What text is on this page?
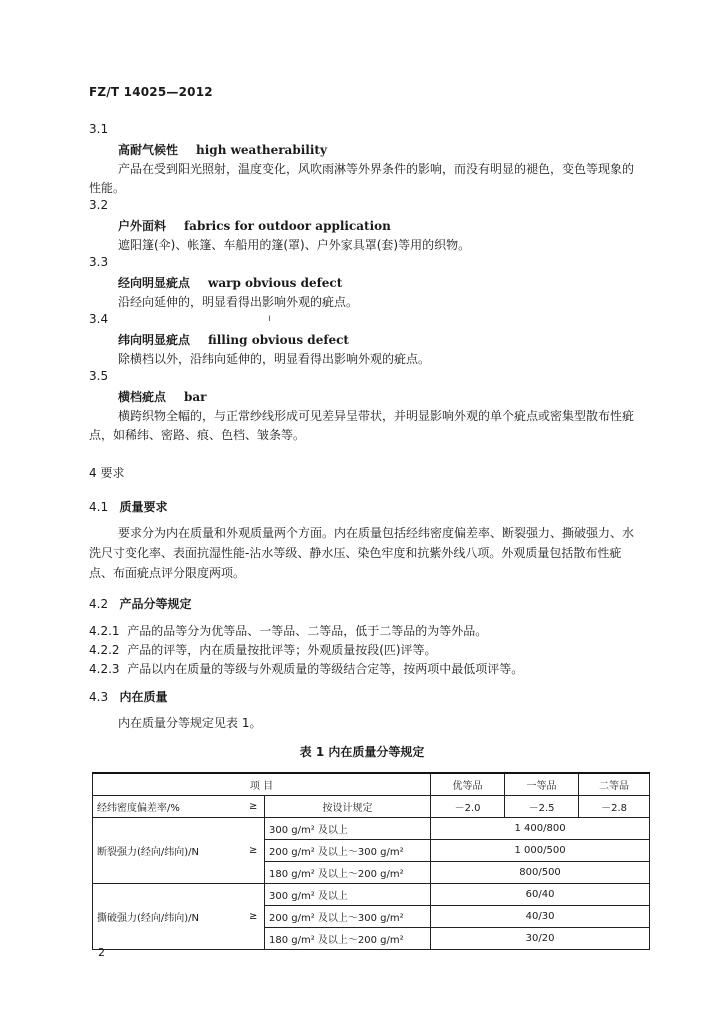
FZ/T 14025—2012
3.1
高耐气候性 high weatherability
产品在受到阳光照射，温度变化，风吹雨淋等外界条件的影响，而没有明显的褪色，变色等现象的
性能。
3.2
户外面料 fabrics for outdoor application
遮阳篷(伞)、帐篷、车船用的篷(罩)、户外家具罩(套)等用的织物。
3.3
经向明显疵点 warp obvious defect
沿经向延伸的，明显看得出影响外观的疵点。
3.4	ı
纬向明显疵点 filling obvious defect
除横档以外，沿纬向延伸的，明显看得出影响外观的疵点。
3.5
横档疵点 bar
横跨织物全幅的，与正常纱线形成可见差异呈带状，并明显影响外观的单个疵点或密集型散布性疵
点，如稀纬、密路、痕、色档、皱条等。
4 要求
4.1 质量要求
要求分为内在质量和外观质量两个方面。内在质量包括经纬密度偏差率、断裂强力、撕破强力、水
洗尺寸变化率、表面抗湿性能-沾水等级、静水压、染色牢度和抗紫外线八项。外观质量包括散布性疵
点、布面疵点评分限度两项。
4.2 产品分等规定
4.2.1 产品的品等分为优等品、一等品、二等品，低于二等品的为等外品。
4.2.2 产品的评等，内在质量按批评等；外观质量按段(匹)评等。
4.2.3 产品以内在质量的等级与外观质量的等级结合定等，按两项中最低项评等。
4.3 内在质量
内在质量分等规定见表 1。
表 1 内在质量分等规定
项 目			优等品	一等品	二等品
经纬密度偏差率/%	≥	按设计规定	－2.0	－2.5	－2.8
断裂强力(经向/纬向)/N	≥	300 g/m² 及以上	1 400/800		
		200 g/m² 及以上～300 g/m²	1 000/500		
		180 g/m² 及以上～200 g/m²	800/500		
撕破强力(经向/纬向)/N	≥	300 g/m² 及以上	60/40		
		200 g/m² 及以上～300 g/m²	40/30		
		180 g/m² 及以上～200 g/m²	30/20		
2
